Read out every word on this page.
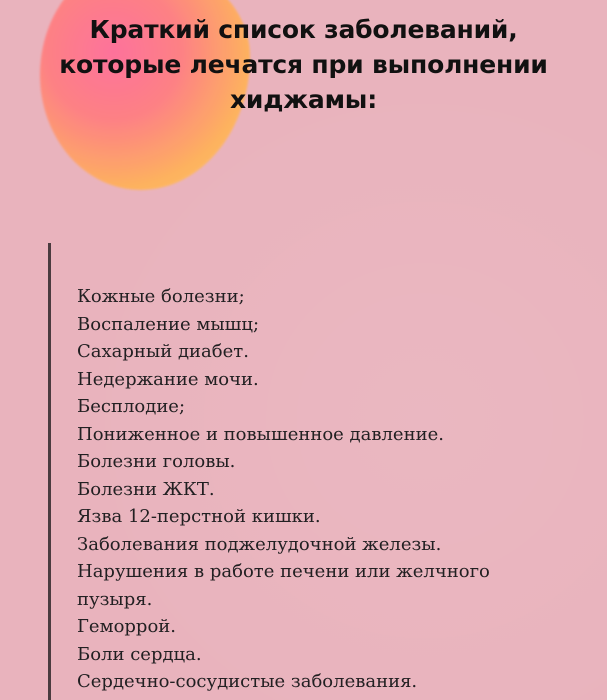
Краткий список заболеваний,
которые лечатся при выполнении
хиджамы:
Кожные болезни;
Воспаление мышц;
Сахарный диабет.
Недержание мочи.
Бесплодие;
Пониженное и повышенное давление.
Болезни головы.
Болезни ЖКТ.
Язва 12-перстной кишки.
Заболевания поджелудочной железы.
Нарушения в работе печени или желчного
пузыря.
Геморрой.
Боли сердца.
Сердечно-сосудистые заболевания.
